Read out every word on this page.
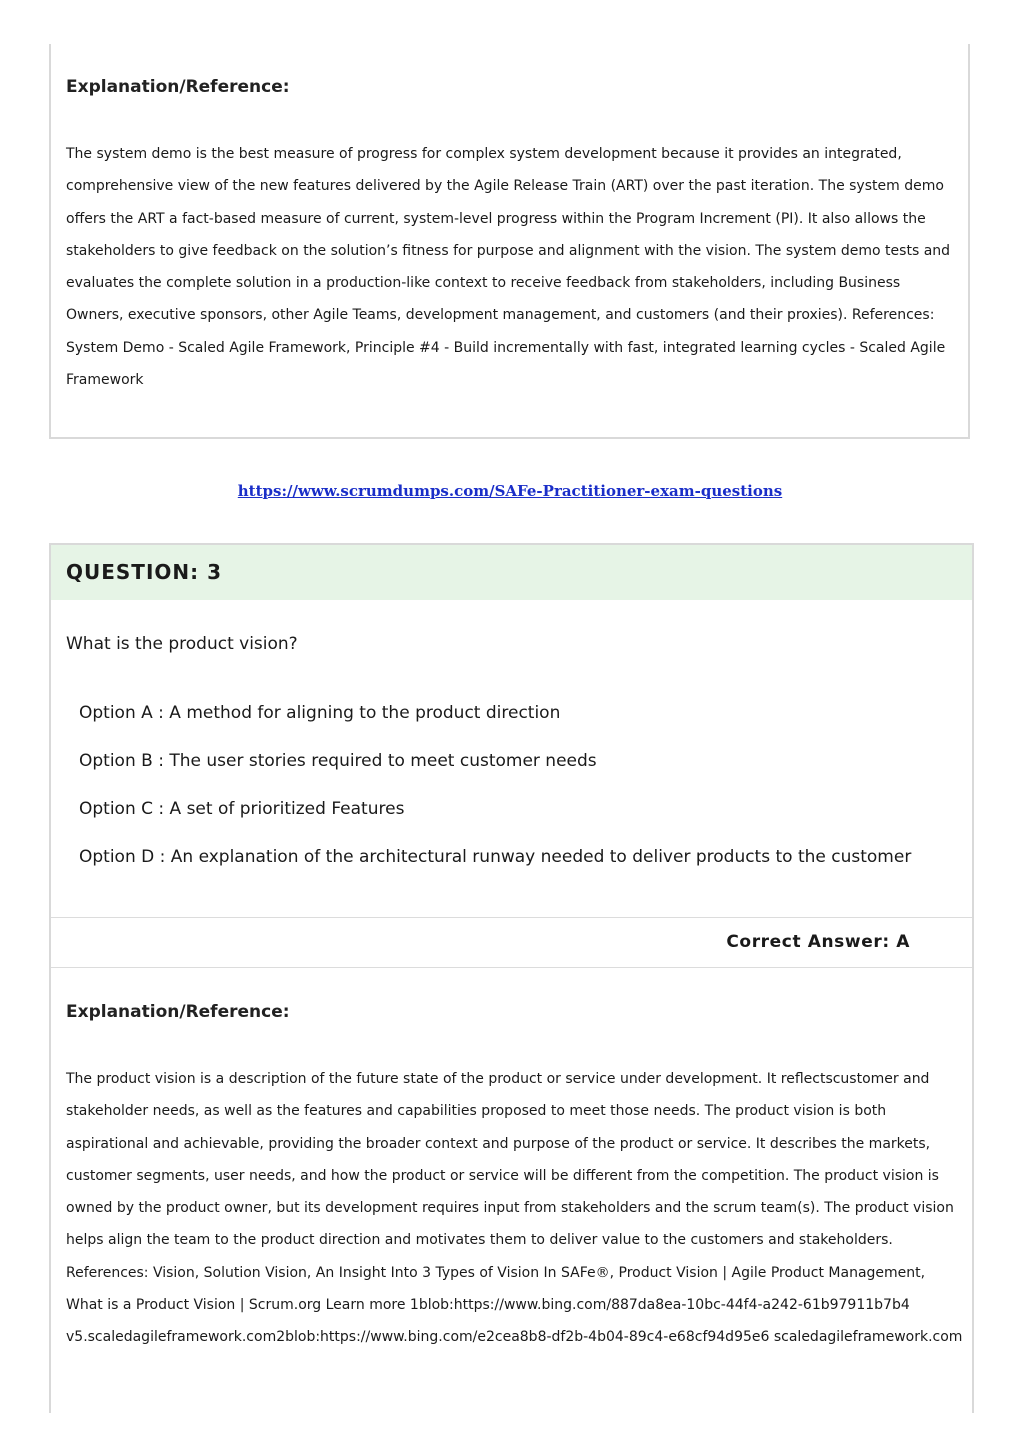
Explanation/Reference:

The system demo is the best measure of progress for complex system development because it provides an integrated, comprehensive view of the new features delivered by the Agile Release Train (ART) over the past iteration. The system demo offers the ART a fact-based measure of current, system-level progress within the Program Increment (PI). It also allows the stakeholders to give feedback on the solution’s fitness for purpose and alignment with the vision. The system demo tests and evaluates the complete solution in a production-like context to receive feedback from stakeholders, including Business Owners, executive sponsors, other Agile Teams, development management, and customers (and their proxies). References: System Demo - Scaled Agile Framework, Principle #4 - Build incrementally with fast, integrated learning cycles - Scaled Agile Framework

https://www.scrumdumps.com/SAFe-Practitioner-exam-questions

QUESTION: 3

What is the product vision?

Option A : A method for aligning to the product direction
Option B : The user stories required to meet customer needs
Option C : A set of prioritized Features
Option D : An explanation of the architectural runway needed to deliver products to the customer
Correct Answer: A

Explanation/Reference:

The product vision is a description of the future state of the product or service under development. It reflectscustomer and stakeholder needs, as well as the features and capabilities proposed to meet those needs. The product vision is both aspirational and achievable, providing the broader context and purpose of the product or service. It describes the markets, customer segments, user needs, and how the product or service will be different from the competition. The product vision is owned by the product owner, but its development requires input from stakeholders and the scrum team(s). The product vision helps align the team to the product direction and motivates them to deliver value to the customers and stakeholders. References: Vision, Solution Vision, An Insight Into 3 Types of Vision In SAFe®, Product Vision | Agile Product Management, What is a Product Vision | Scrum.org Learn more 1blob:https://www.bing.com/887da8ea-10bc-44f4-a242-61b97911b7b4 v5.scaledagileframework.com2blob:https://www.bing.com/e2cea8b8-df2b-4b04-89c4-e68cf94d95e6 scaledagileframework.com
